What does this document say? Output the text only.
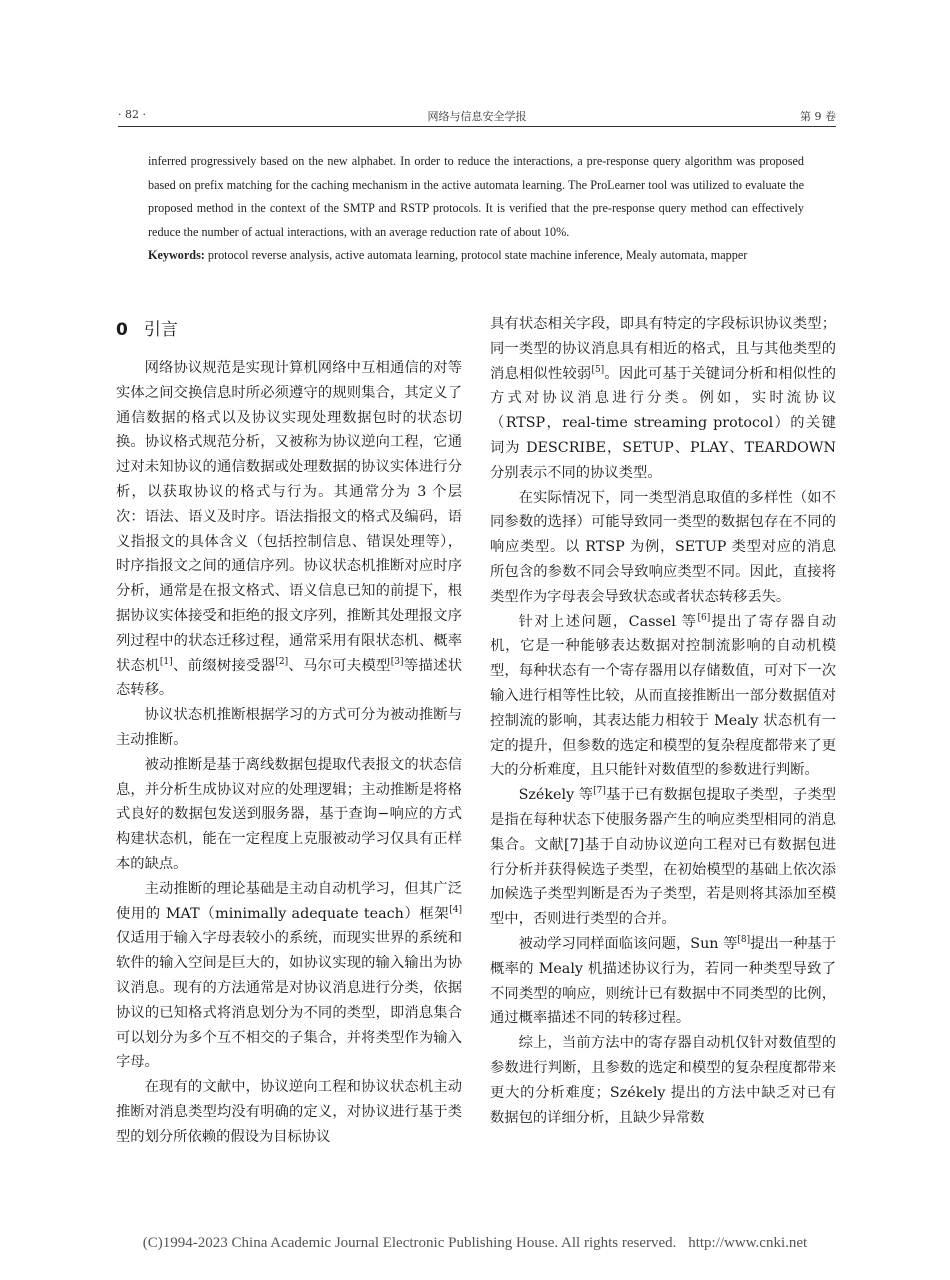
· 82 ·	网络与信息安全学报	第 9 卷

inferred progressively based on the new alphabet. In order to reduce the interactions, a pre-response query algorithm was proposed based on prefix matching for the caching mechanism in the active automata learning. The ProLearner tool was utilized to evaluate the proposed method in the context of the SMTP and RSTP protocols. It is verified that the pre-response query method can effectively reduce the number of actual interactions, with an average reduction rate of about 10%.

Keywords: protocol reverse analysis, active automata learning, protocol state machine inference, Mealy automata, mapper

0 引言

网络协议规范是实现计算机网络中互相通信的对等实体之间交换信息时所必须遵守的规则集合，其定义了通信数据的格式以及协议实现处理数据包时的状态切换。协议格式规范分析，又被称为协议逆向工程，它通过对未知协议的通信数据或处理数据的协议实体进行分析，以获取协议的格式与行为。其通常分为 3 个层次：语法、语义及时序。语法指报文的格式及编码，语义指报文的具体含义（包括控制信息、错误处理等），时序指报文之间的通信序列。协议状态机推断对应时序分析，通常是在报文格式、语义信息已知的前提下，根据协议实体接受和拒绝的报文序列，推断其处理报文序列过程中的状态迁移过程，通常采用有限状态机、概率状态机[1]、前缀树接受器[2]、马尔可夫模型[3]等描述状态转移。

协议状态机推断根据学习的方式可分为被动推断与主动推断。

被动推断是基于离线数据包提取代表报文的状态信息，并分析生成协议对应的处理逻辑；主动推断是将格式良好的数据包发送到服务器，基于查询−响应的方式构建状态机，能在一定程度上克服被动学习仅具有正样本的缺点。

主动推断的理论基础是主动自动机学习，但其广泛使用的 MAT（minimally adequate teach）框架[4]仅适用于输入字母表较小的系统，而现实世界的系统和软件的输入空间是巨大的，如协议实现的输入输出为协议消息。现有的方法通常是对协议消息进行分类，依据协议的已知格式将消息划分为不同的类型，即消息集合可以划分为多个互不相交的子集合，并将类型作为输入字母。

在现有的文献中，协议逆向工程和协议状态机主动推断对消息类型均没有明确的定义，对协议进行基于类型的划分所依赖的假设为目标协议

具有状态相关字段，即具有特定的字段标识协议类型；同一类型的协议消息具有相近的格式，且与其他类型的消息相似性较弱[5]。因此可基于关键词分析和相似性的方式对协议消息进行分类。例如，实时流协议（RTSP，real-time streaming protocol）的关键词为 DESCRIBE，SETUP、PLAY、TEARDOWN 分别表示不同的协议类型。

在实际情况下，同一类型消息取值的多样性（如不同参数的选择）可能导致同一类型的数据包存在不同的响应类型。以 RTSP 为例，SETUP 类型对应的消息所包含的参数不同会导致响应类型不同。因此，直接将类型作为字母表会导致状态或者状态转移丢失。

针对上述问题，Cassel 等[6]提出了寄存器自动机，它是一种能够表达数据对控制流影响的自动机模型，每种状态有一个寄存器用以存储数值，可对下一次输入进行相等性比较，从而直接推断出一部分数据值对控制流的影响，其表达能力相较于 Mealy 状态机有一定的提升，但参数的选定和模型的复杂程度都带来了更大的分析难度，且只能针对数值型的参数进行判断。

Székely 等[7]基于已有数据包提取子类型，子类型是指在每种状态下使服务器产生的响应类型相同的消息集合。文献[7]基于自动协议逆向工程对已有数据包进行分析并获得候选子类型，在初始模型的基础上依次添加候选子类型判断是否为子类型，若是则将其添加至模型中，否则进行类型的合并。

被动学习同样面临该问题，Sun 等[8]提出一种基于概率的 Mealy 机描述协议行为，若同一种类型导致了不同类型的响应，则统计已有数据中不同类型的比例，通过概率描述不同的转移过程。

综上，当前方法中的寄存器自动机仅针对数值型的参数进行判断，且参数的选定和模型的复杂程度都带来更大的分析难度；Székely 提出的方法中缺乏对已有数据包的详细分析，且缺少异常数

(C)1994-2023 China Academic Journal Electronic Publishing House. All rights reserved. http://www.cnki.net
